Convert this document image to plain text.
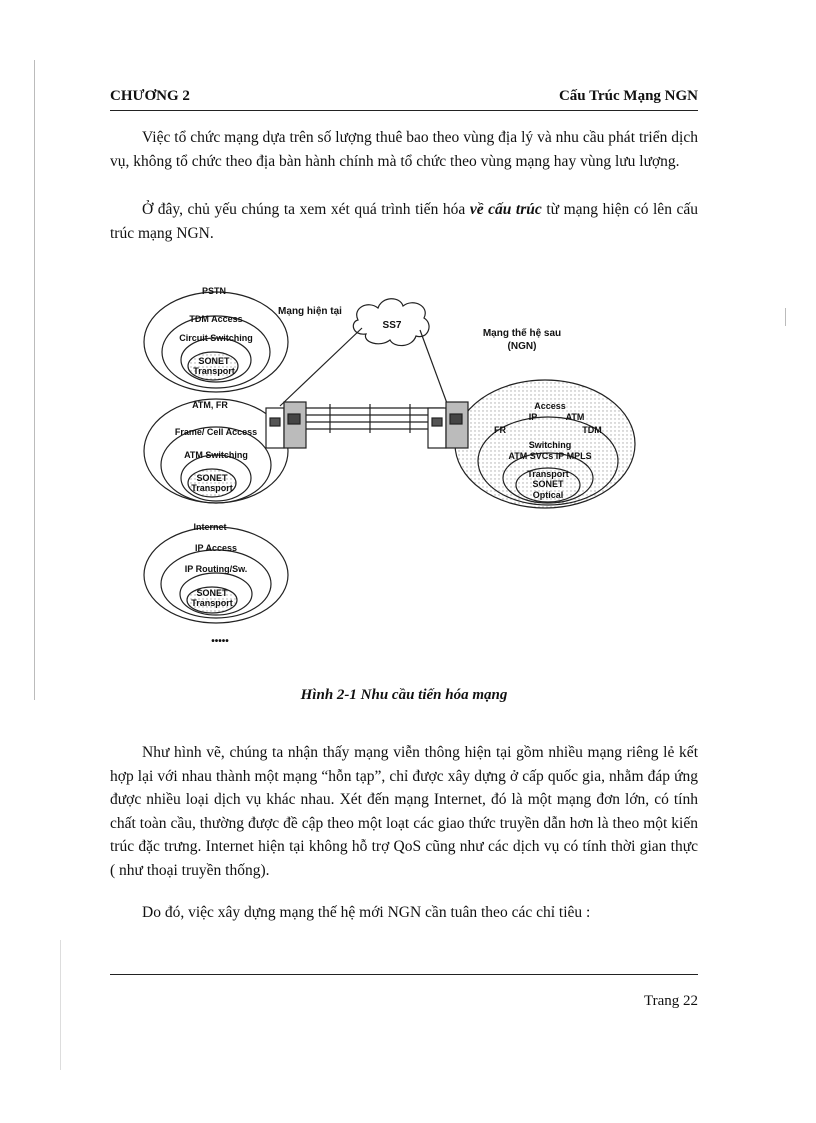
CHƯƠNG 2	Cấu Trúc Mạng NGN

Việc tổ chức mạng dựa trên số lượng thuê bao theo vùng địa lý và nhu cầu phát triển dịch vụ, không tổ chức theo địa bàn hành chính mà tổ chức theo vùng mạng hay vùng lưu lượng.

Ở đây, chủ yếu chúng ta xem xét quá trình tiến hóa về cấu trúc từ mạng hiện có lên cấu trúc mạng NGN.

PSTN
TDM Access
Circuit Switching
SONET
Transport
ATM, FR
Frame/ Cell Access
ATM Switching
SONET
Transport
Internet
IP Access
IP Routing/Sw.
SONET
Transport
•••••
Mạng hiện tại
SS7
Mạng thế hệ sau
(NGN)
Access
IP	ATM
FR	TDM
Switching
ATM SVCs IP MPLS
Transport
SONET
Optical
Hình 2-1 Nhu cầu tiến hóa mạng

Như hình vẽ, chúng ta nhận thấy mạng viễn thông hiện tại gồm nhiều mạng riêng lẻ kết hợp lại với nhau thành một mạng “hỗn tạp”, chỉ được xây dựng ở cấp quốc gia, nhằm đáp ứng được nhiều loại dịch vụ khác nhau. Xét đến mạng Internet, đó là một mạng đơn lớn, có tính chất toàn cầu, thường được đề cập theo một loạt các giao thức truyền dẫn hơn là theo một kiến trúc đặc trưng. Internet hiện tại không hỗ trợ QoS cũng như các dịch vụ có tính thời gian thực ( như thoại truyền thống).

Do đó, việc xây dựng mạng thế hệ mới NGN cần tuân theo các chỉ tiêu :

Trang 22
